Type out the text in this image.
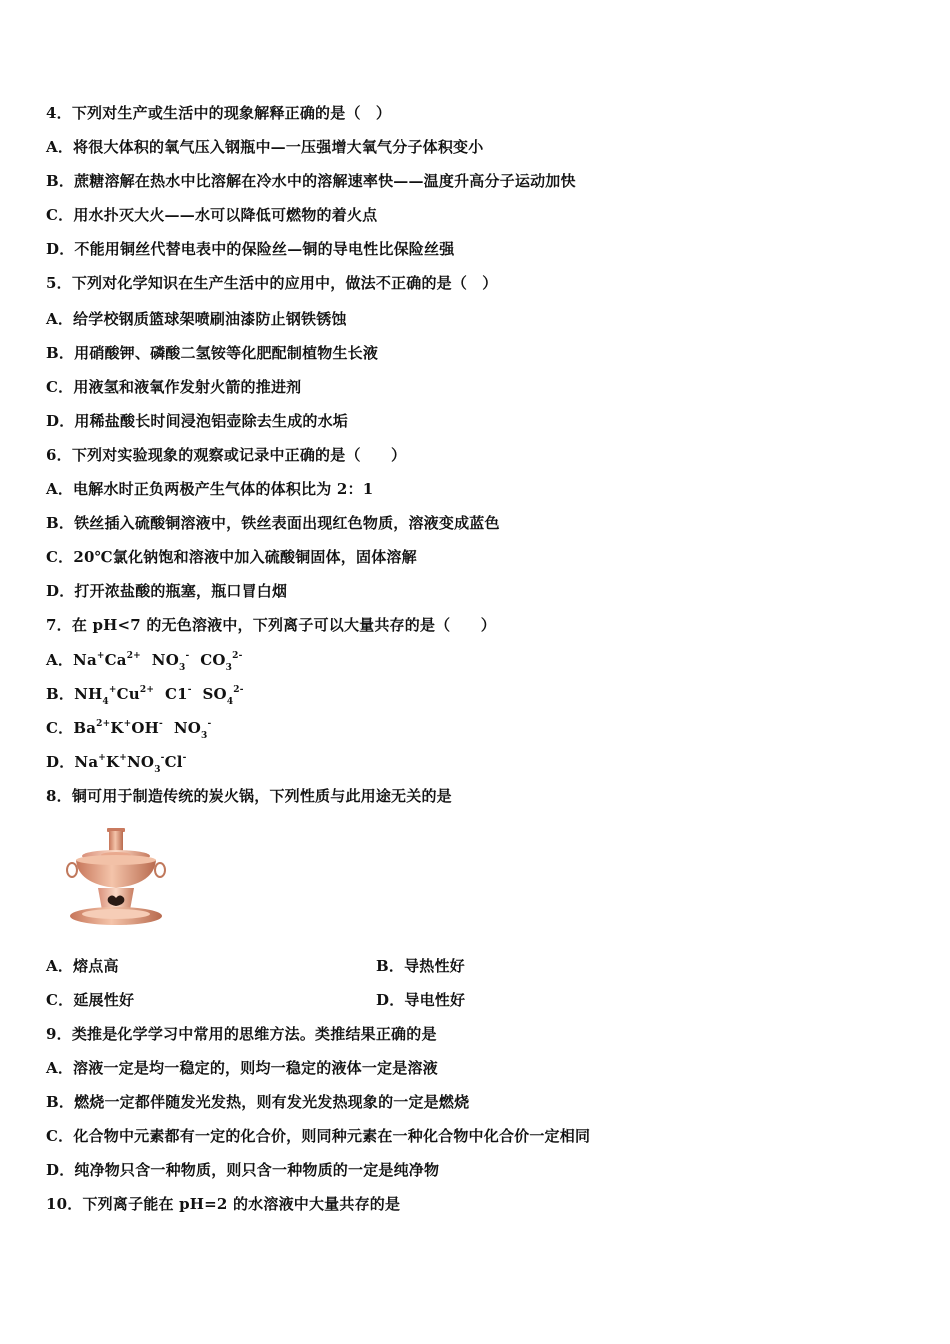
4．下列对生产或生活中的现象解释正确的是（　）
A．将很大体积的氧气压入钢瓶中—一压强增大氧气分子体积变小
B．蔗糖溶解在热水中比溶解在冷水中的溶解速率快——温度升高分子运动加快
C．用水扑灭大火——水可以降低可燃物的着火点
D．不能用铜丝代替电表中的保险丝—铜的导电性比保险丝强
5．下列对化学知识在生产生活中的应用中，做法不正确的是（　）
A．给学校钢质篮球架喷刷油漆防止钢铁锈蚀
B．用硝酸钾、磷酸二氢铵等化肥配制植物生长液
C．用液氢和液氧作发射火箭的推进剂
D．用稀盐酸长时间浸泡铝壶除去生成的水垢
6．下列对实验现象的观察或记录中正确的是（　　）
A．电解水时正负两极产生气体的体积比为 2：1
B．铁丝插入硫酸铜溶液中，铁丝表面出现红色物质，溶液变成蓝色
C．20℃氯化钠饱和溶液中加入硫酸铜固体，固体溶解
D．打开浓盐酸的瓶塞，瓶口冒白烟
7．在 pH<7 的无色溶液中，下列离子可以大量共存的是（　　）
A．$Na^+Ca^{2+}$ $NO_3^-$ $CO_3^{2-}$
B．$NH_4^+Cu^{2+}$ C1- $SO_4^{2-}$
C．$Ba^{2+}K^+OH^-$ $NO_3^-$
D．$Na^+K^+NO_3^-Cl^-$
8．铜可用于制造传统的炭火锅，下列性质与此用途无关的是
A．熔点高	B．导热性好
C．延展性好	D．导电性好
9．类推是化学学习中常用的思维方法。类推结果正确的是
A．溶液一定是均一稳定的，则均一稳定的液体一定是溶液
B．燃烧一定都伴随发光发热，则有发光发热现象的一定是燃烧
C．化合物中元素都有一定的化合价，则同种元素在一种化合物中化合价一定相同
D．纯净物只含一种物质，则只含一种物质的一定是纯净物
10．下列离子能在 pH=2 的水溶液中大量共存的是
